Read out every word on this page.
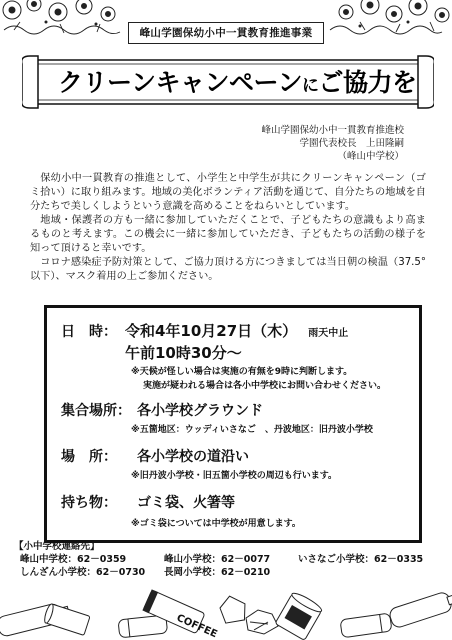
峰山学園保幼小中一貫教育推進事業
クリーンキャンペーンにご協力を
峰山学園保幼小中一貫教育推進校
学園代表校長　上田隆嗣
（峰山中学校）

保幼小中一貫教育の推進として、小学生と中学生が共にクリーンキャンペーン（ゴミ拾い）に取り組みます。地域の美化ボランティア活動を通じて、自分たちの地域を自分たちで美しくしようという意識を高めることをねらいとしています。

地域・保護者の方も一緒に参加していただくことで、子どもたちの意識もより高まるものと考えます。この機会に一緒に参加していただき、子どもたちの活動の様子を知って頂けると幸いです。

コロナ感染症予防対策として、ご協力頂ける方につきましては当日朝の検温（37.5°以下）、マスク着用の上ご参加ください。

日　時： 令和4年10月27日（木） 雨天中止
午前10時30分～
※天候が怪しい場合は実施の有無を9時に判断します。
実施が疑われる場合は各小中学校にお問い合わせください。
集合場所： 各小学校グラウンド
※五箇地区：ウッディいさなご　、丹波地区：旧丹波小学校
場　所： 各小学校の道沿い
※旧丹波小学校・旧五箇小学校の周辺も行います。
持ち物： ゴミ袋、火箸等
※ゴミ袋については中学校が用意します。
COFFEE
【小中学校連絡先】
峰山中学校：62－0359	峰山小学校：62－0077	いさなご小学校：62－0335
しんざん小学校：62－0730 長岡小学校：62－0210
